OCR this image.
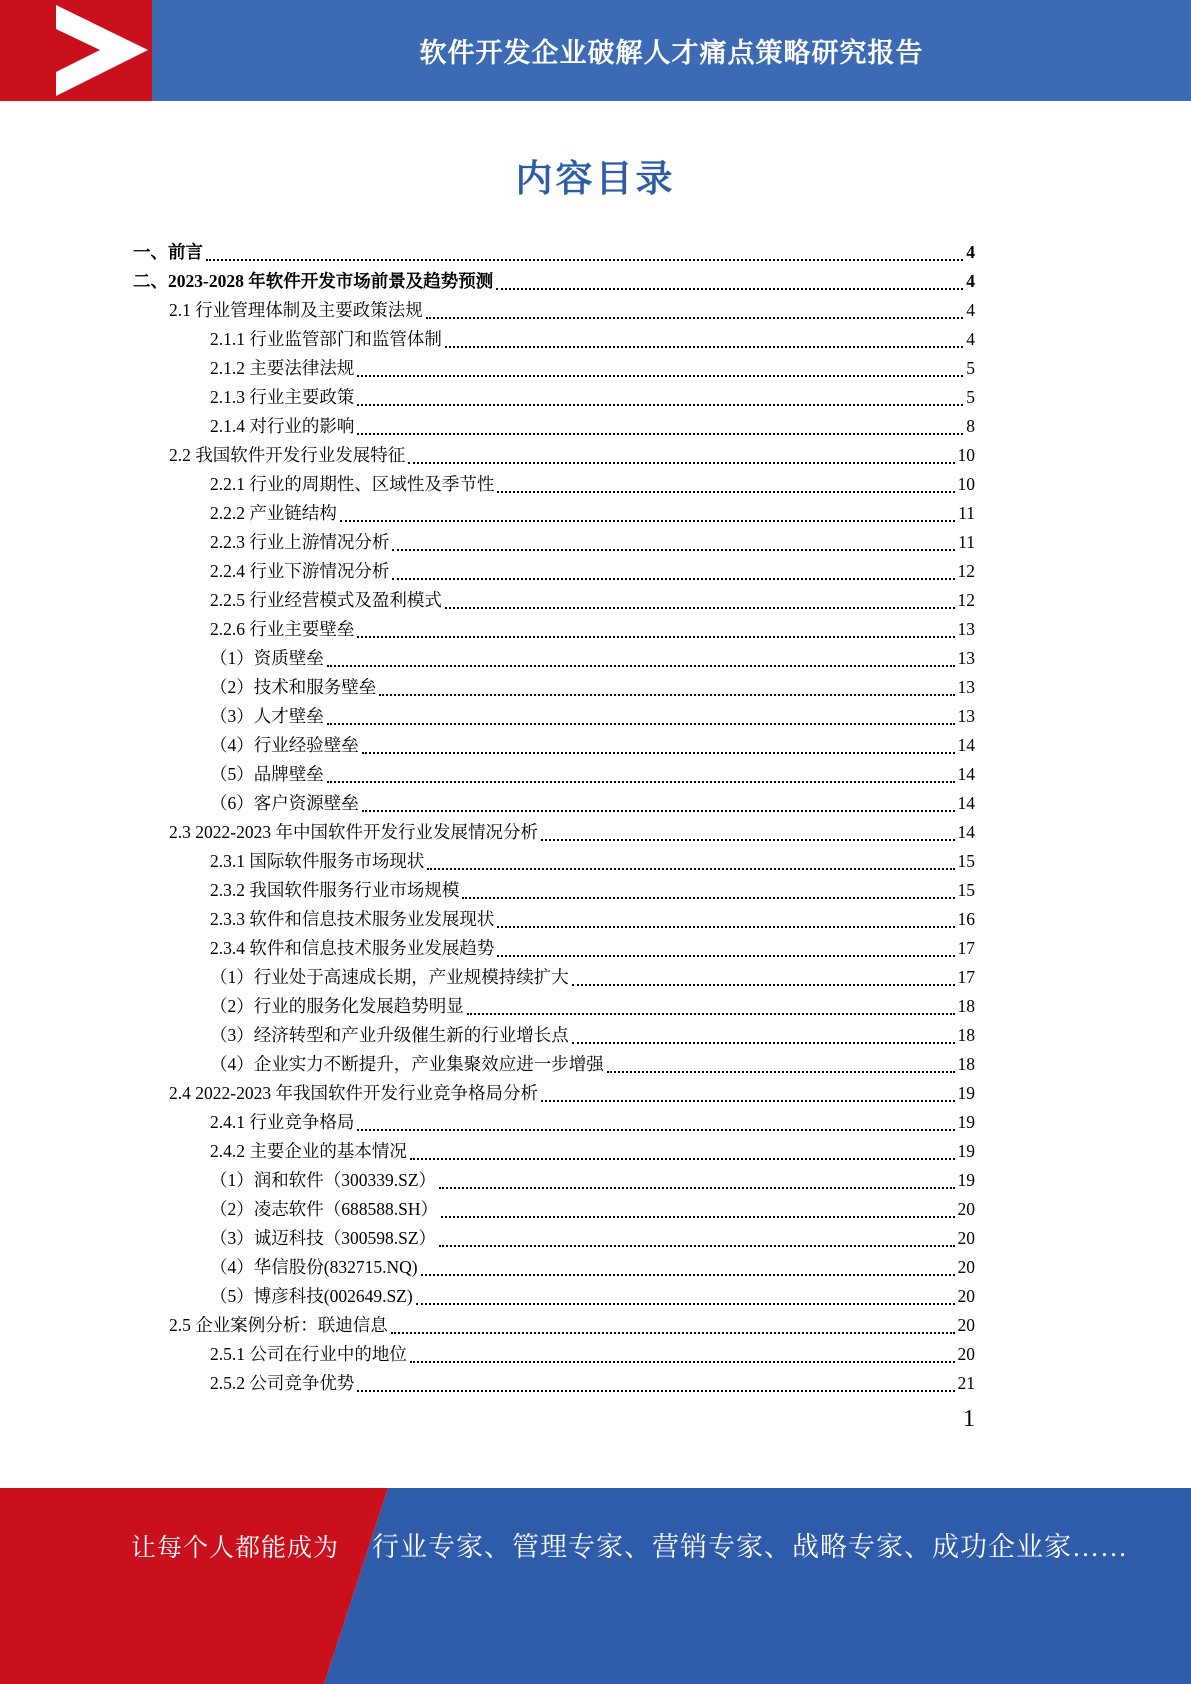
软件开发企业破解人才痛点策略研究报告
内容目录
一、前言	4
二、2023-2028 年软件开发市场前景及趋势预测	4
2.1 行业管理体制及主要政策法规	4
2.1.1 行业监管部门和监管体制	4
2.1.2 主要法律法规	5
2.1.3 行业主要政策	5
2.1.4 对行业的影响	8
2.2 我国软件开发行业发展特征	10
2.2.1 行业的周期性、区域性及季节性	10
2.2.2 产业链结构	11
2.2.3 行业上游情况分析	11
2.2.4 行业下游情况分析	12
2.2.5 行业经营模式及盈利模式	12
2.2.6 行业主要壁垒	13
（1）资质壁垒	13
（2）技术和服务壁垒	13
（3）人才壁垒	13
（4）行业经验壁垒	14
（5）品牌壁垒	14
（6）客户资源壁垒	14
2.3 2022-2023 年中国软件开发行业发展情况分析	14
2.3.1 国际软件服务市场现状	15
2.3.2 我国软件服务行业市场规模	15
2.3.3 软件和信息技术服务业发展现状	16
2.3.4 软件和信息技术服务业发展趋势	17
（1）行业处于高速成长期，产业规模持续扩大	17
（2）行业的服务化发展趋势明显	18
（3）经济转型和产业升级催生新的行业增长点	18
（4）企业实力不断提升，产业集聚效应进一步增强	18
2.4 2022-2023 年我国软件开发行业竞争格局分析	19
2.4.1 行业竞争格局	19
2.4.2 主要企业的基本情况	19
（1）润和软件（300339.SZ）	19
（2）凌志软件（688588.SH）	20
（3）诚迈科技（300598.SZ）	20
（4）华信股份(832715.NQ)	20
（5）博彦科技(002649.SZ)	20
2.5 企业案例分析：联迪信息	20
2.5.1 公司在行业中的地位	20
2.5.2 公司竞争优势	21
1
让每个人都能成为 行业专家、管理专家、营销专家、战略专家、成功企业家……
